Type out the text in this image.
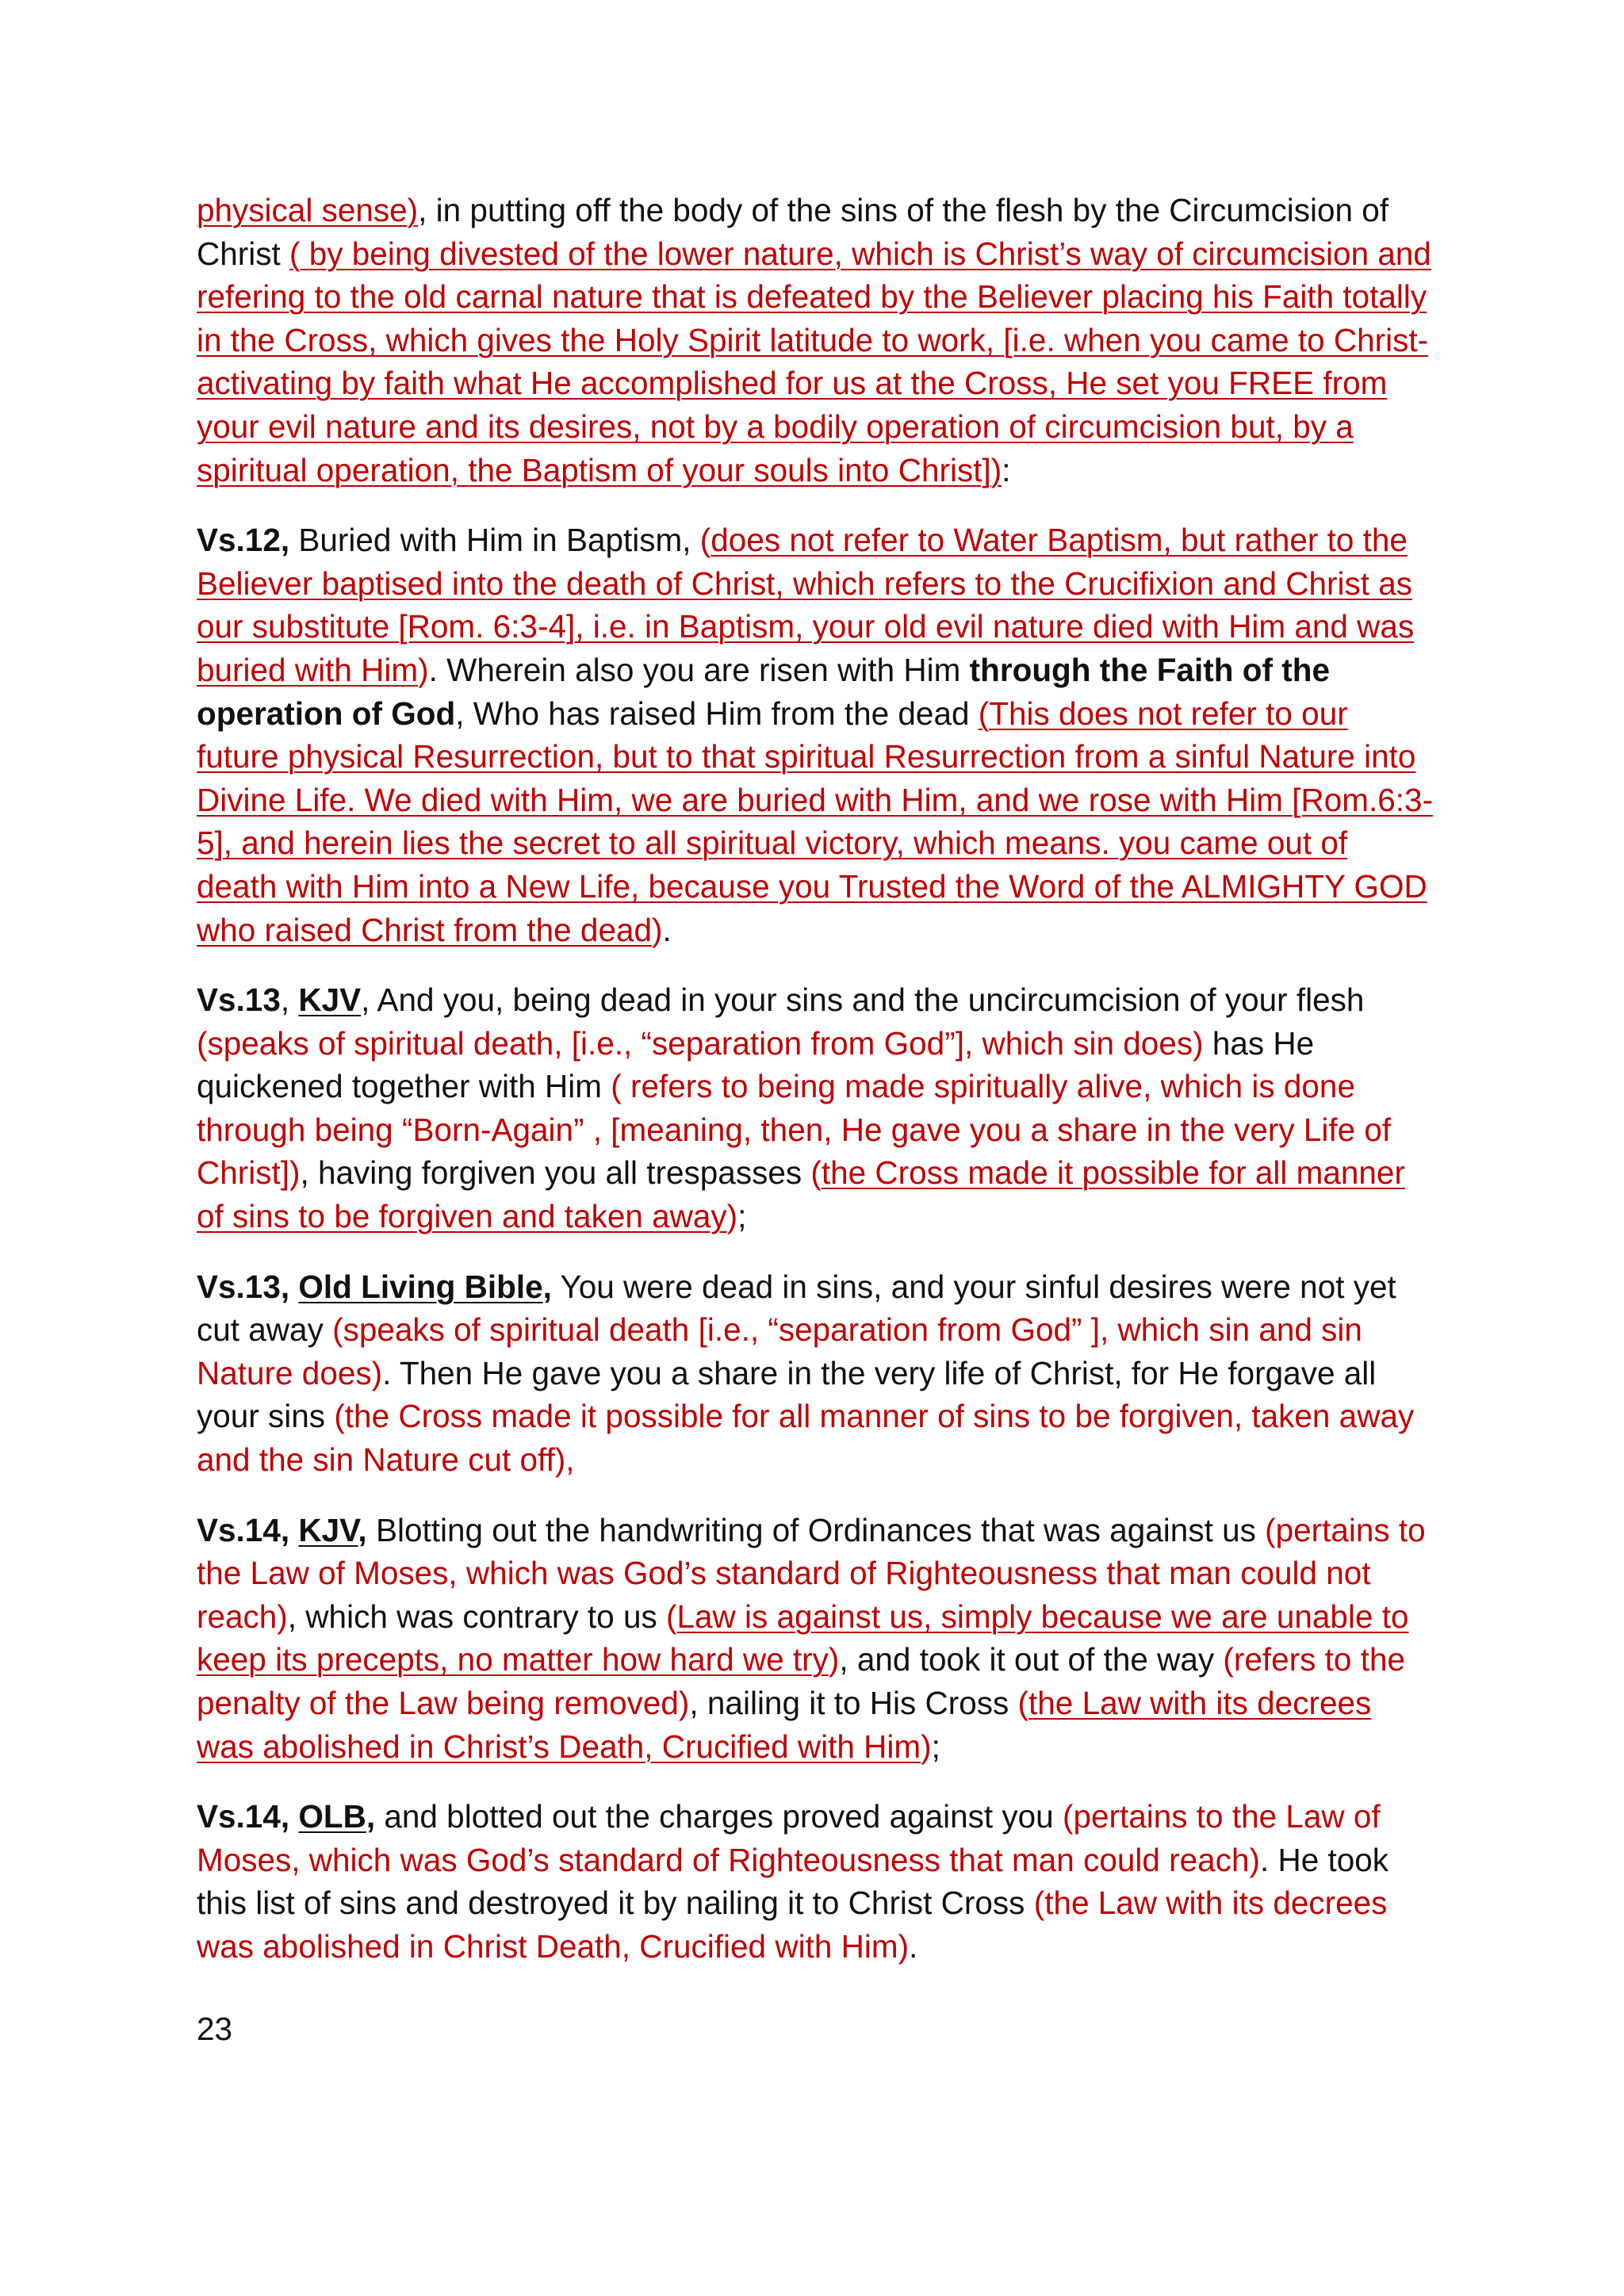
physical sense), in putting off the body of the sins of the flesh by the Circumcision of Christ ( by being divested of the lower nature, which is Christ’s way of circumcision and refering to the old carnal nature that is defeated by the Believer placing his Faith totally in the Cross, which gives the Holy Spirit latitude to work, [i.e. when you came to Christ- activating by faith what He accomplished for us at the Cross, He set you FREE from your evil nature and its desires, not by a bodily operation of circumcision but, by a spiritual operation, the Baptism of your souls into Christ]):

Vs.12, Buried with Him in Baptism, (does not refer to Water Baptism, but rather to the Believer baptised into the death of Christ, which refers to the Crucifixion and Christ as our substitute [Rom. 6:3-4], i.e. in Baptism, your old evil nature died with Him and was buried with Him). Wherein also you are risen with Him through the Faith of the operation of God, Who has raised Him from the dead (This does not refer to our future physical Resurrection, but to that spiritual Resurrection from a sinful Nature into Divine Life. We died with Him, we are buried with Him, and we rose with Him [Rom.6:3-5], and herein lies the secret to all spiritual victory, which means. you came out of death with Him into a New Life, because you Trusted the Word of the ALMIGHTY GOD who raised Christ from the dead).

Vs.13, KJV, And you, being dead in your sins and the uncircumcision of your flesh (speaks of spiritual death, [i.e., “separation from God”], which sin does) has He quickened together with Him ( refers to being made spiritually alive, which is done through being “Born-Again” , [meaning, then, He gave you a share in the very Life of Christ]), having forgiven you all trespasses (the Cross made it possible for all manner of sins to be forgiven and taken away);

Vs.13, Old Living Bible, You were dead in sins, and your sinful desires were not yet cut away (speaks of spiritual death [i.e., “separation from God” ], which sin and sin Nature does). Then He gave you a share in the very life of Christ, for He forgave all your sins (the Cross made it possible for all manner of sins to be forgiven, taken away and the sin Nature cut off),

Vs.14, KJV, Blotting out the handwriting of Ordinances that was against us (pertains to the Law of Moses, which was God’s standard of Righteousness that man could not reach), which was contrary to us (Law is against us, simply because we are unable to keep its precepts, no matter how hard we try), and took it out of the way (refers to the penalty of the Law being removed), nailing it to His Cross (the Law with its decrees was abolished in Christ’s Death, Crucified with Him);

Vs.14, OLB, and blotted out the charges proved against you (pertains to the Law of Moses, which was God’s standard of Righteousness that man could reach). He took this list of sins and destroyed it by nailing it to Christ Cross (the Law with its decrees was abolished in Christ Death, Crucified with Him).

23
